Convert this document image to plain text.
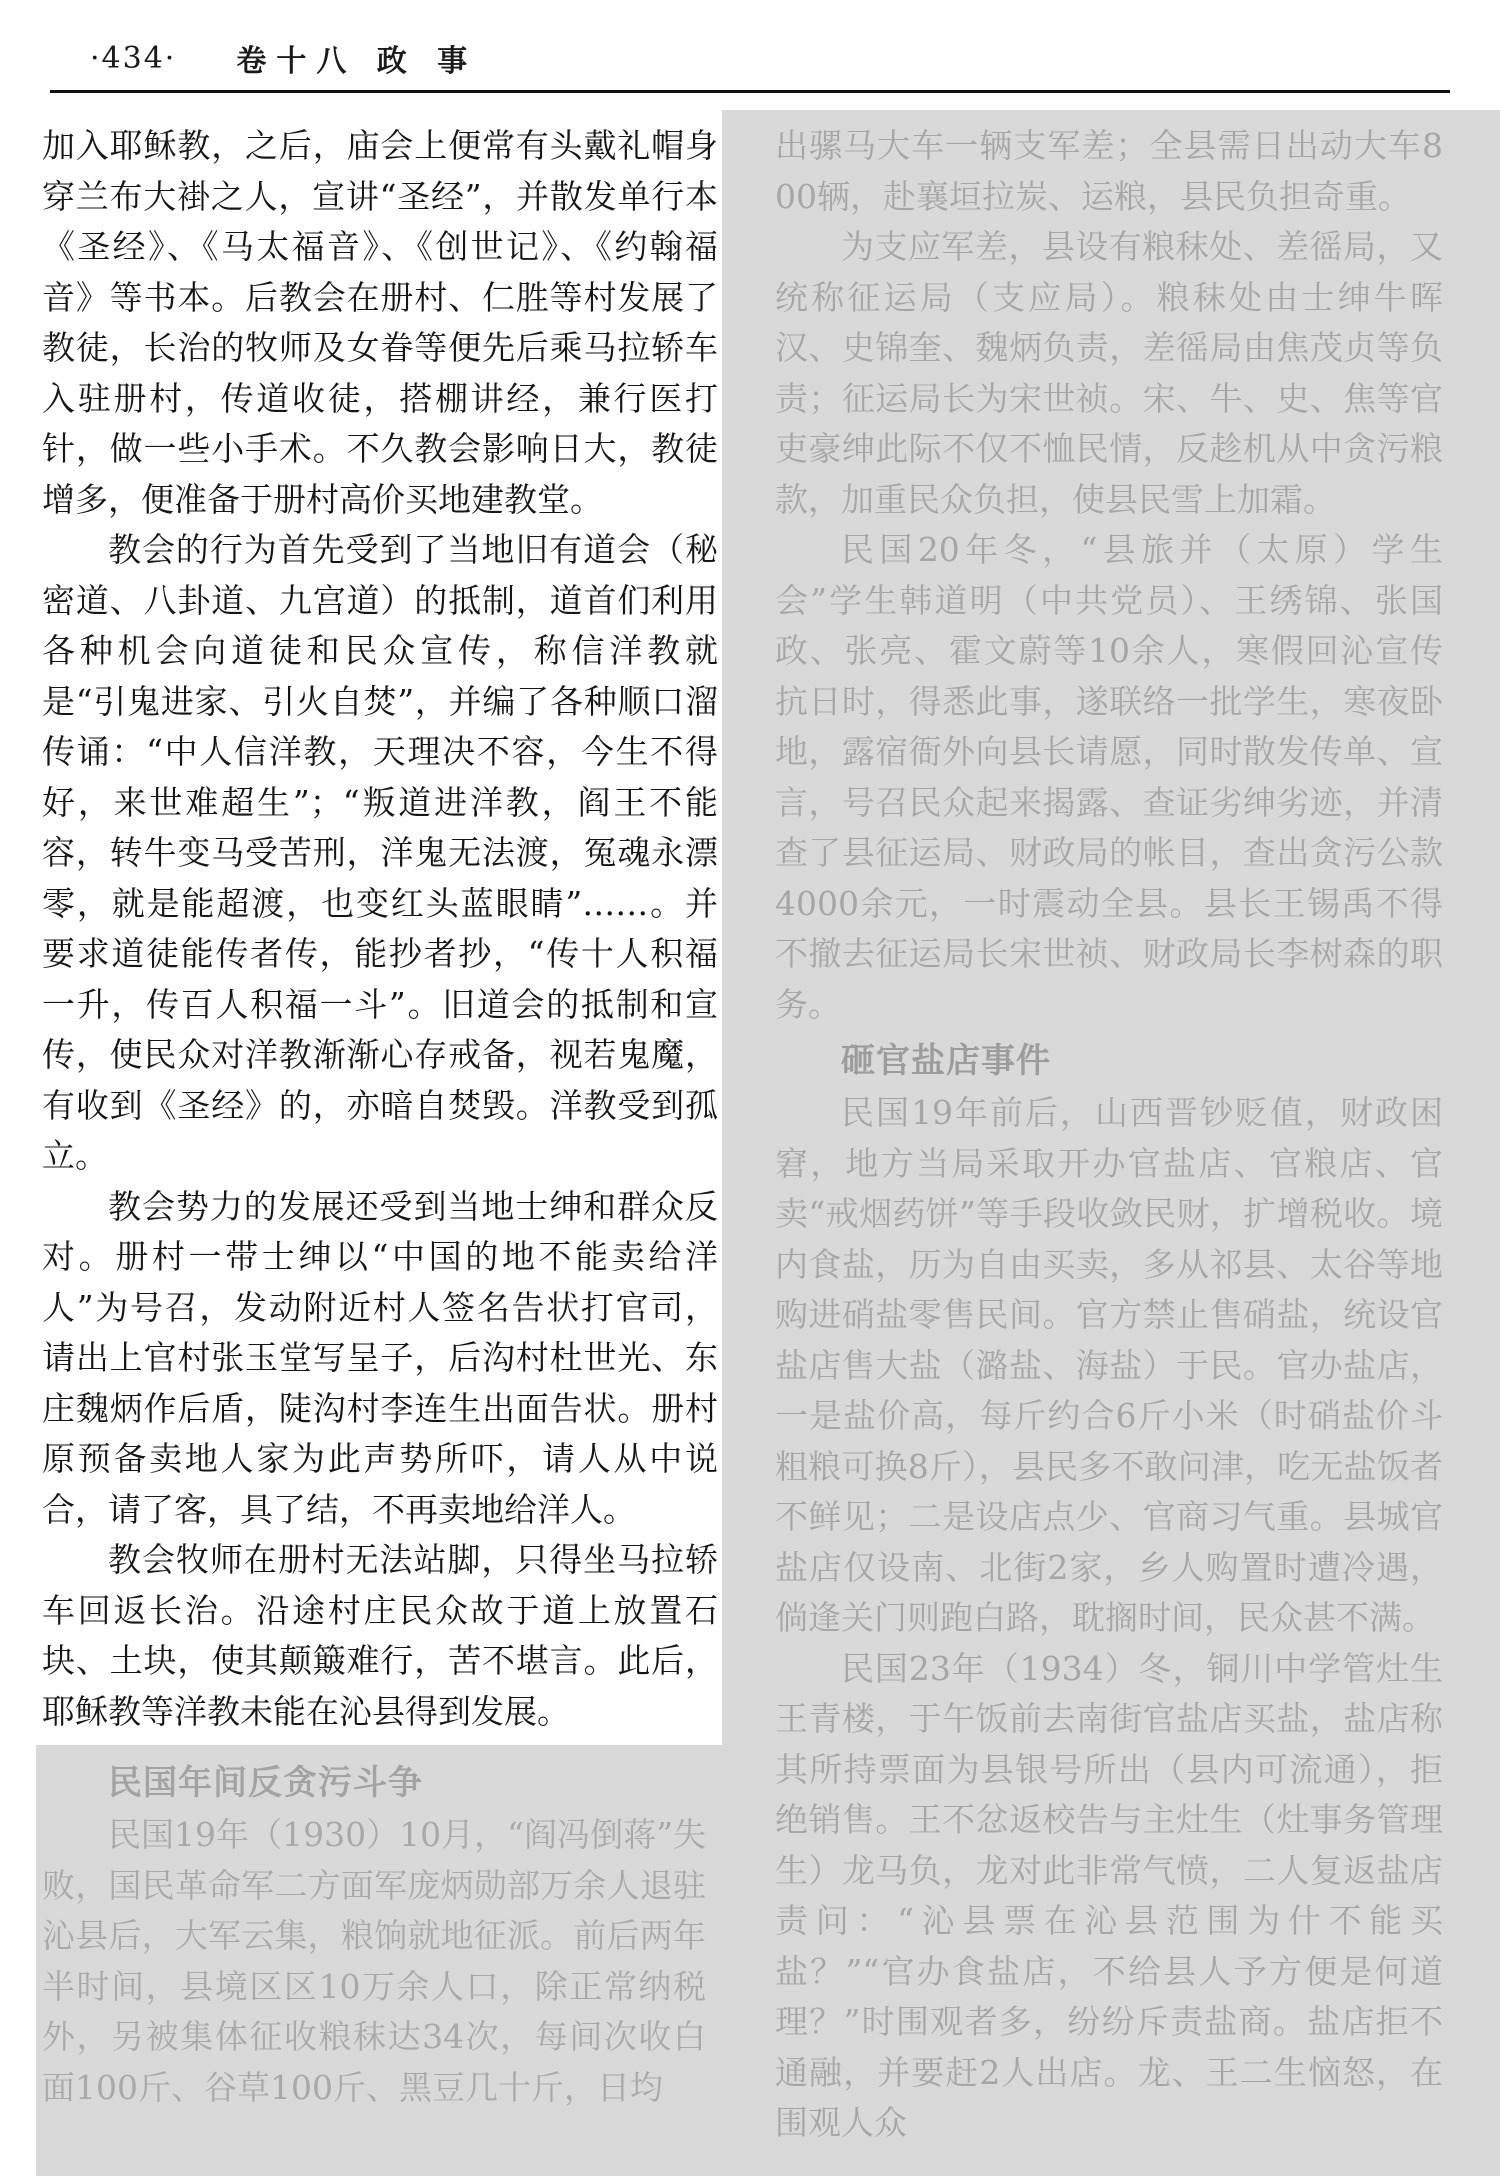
·434· 卷十八 政 事

加入耶稣教，之后，庙会上便常有头戴礼帽身穿兰布大褂之人，宣讲“圣经”，并散发单行本《圣经》、《马太福音》、《创世记》、《约翰福音》等书本。后教会在册村、仁胜等村发展了教徒，长治的牧师及女眷等便先后乘马拉轿车入驻册村，传道收徒，搭棚讲经，兼行医打针，做一些小手术。不久教会影响日大，教徒增多，便准备于册村高价买地建教堂。

教会的行为首先受到了当地旧有道会（秘密道、八卦道、九宫道）的抵制，道首们利用各种机会向道徒和民众宣传，称信洋教就是“引鬼进家、引火自焚”，并编了各种顺口溜传诵：“中人信洋教，天理决不容，今生不得好，来世难超生”；“叛道进洋教，阎王不能容，转牛变马受苦刑，洋鬼无法渡，冤魂永漂零，就是能超渡，也变红头蓝眼睛”……。并要求道徒能传者传，能抄者抄，“传十人积福一升，传百人积福一斗”。旧道会的抵制和宣传，使民众对洋教渐渐心存戒备，视若鬼魔，有收到《圣经》的，亦暗自焚毁。洋教受到孤立。

教会势力的发展还受到当地士绅和群众反对。册村一带士绅以“中国的地不能卖给洋人”为号召，发动附近村人签名告状打官司，请出上官村张玉堂写呈子，后沟村杜世光、东庄魏炳作后盾，陡沟村李连生出面告状。册村原预备卖地人家为此声势所吓，请人从中说合，请了客，具了结，不再卖地给洋人。

教会牧师在册村无法站脚，只得坐马拉轿车回返长治。沿途村庄民众故于道上放置石块、土块，使其颠簸难行，苦不堪言。此后，耶稣教等洋教未能在沁县得到发展。

民国年间反贪污斗争

民国19年（1930）10月，“阎冯倒蒋”失败，国民革命军二方面军庞炳勋部万余人退驻沁县后，大军云集，粮饷就地征派。前后两年半时间，县境区区10万余人口，除正常纳税外，另被集体征收粮秣达34次，每间次收白面100斤、谷草100斤、黑豆几十斤，日均

出骡马大车一辆支军差；全县需日出动大车800辆，赴襄垣拉炭、运粮，县民负担奇重。

为支应军差，县设有粮秣处、差徭局，又统称征运局（支应局）。粮秣处由士绅牛晖汉、史锦奎、魏炳负责，差徭局由焦茂贞等负责；征运局长为宋世祯。宋、牛、史、焦等官吏豪绅此际不仅不恤民情，反趁机从中贪污粮款，加重民众负担，使县民雪上加霜。

民国20年冬，“县旅并（太原）学生会”学生韩道明（中共党员）、王绣锦、张国政、张亮、霍文蔚等10余人，寒假回沁宣传抗日时，得悉此事，遂联络一批学生，寒夜卧地，露宿衙外向县长请愿，同时散发传单、宣言，号召民众起来揭露、查证劣绅劣迹，并清查了县征运局、财政局的帐目，查出贪污公款4000余元，一时震动全县。县长王锡禹不得不撤去征运局长宋世祯、财政局长李树森的职务。

砸官盐店事件

民国19年前后，山西晋钞贬值，财政困窘，地方当局采取开办官盐店、官粮店、官卖“戒烟药饼”等手段收敛民财，扩增税收。境内食盐，历为自由买卖，多从祁县、太谷等地购进硝盐零售民间。官方禁止售硝盐，统设官盐店售大盐（潞盐、海盐）于民。官办盐店，一是盐价高，每斤约合6斤小米（时硝盐价斗粗粮可换8斤），县民多不敢问津，吃无盐饭者不鲜见；二是设店点少、官商习气重。县城官盐店仅设南、北街2家，乡人购置时遭冷遇，倘逢关门则跑白路，耽搁时间，民众甚不满。

民国23年（1934）冬，铜川中学管灶生王青楼，于午饭前去南街官盐店买盐，盐店称其所持票面为县银号所出（县内可流通），拒绝销售。王不忿返校告与主灶生（灶事务管理生）龙马负，龙对此非常气愤，二人复返盐店责问：“沁县票在沁县范围为什不能买盐？”“官办食盐店，不给县人予方便是何道理？”时围观者多，纷纷斥责盐商。盐店拒不通融，并要赶2人出店。龙、王二生恼怒，在围观人众
